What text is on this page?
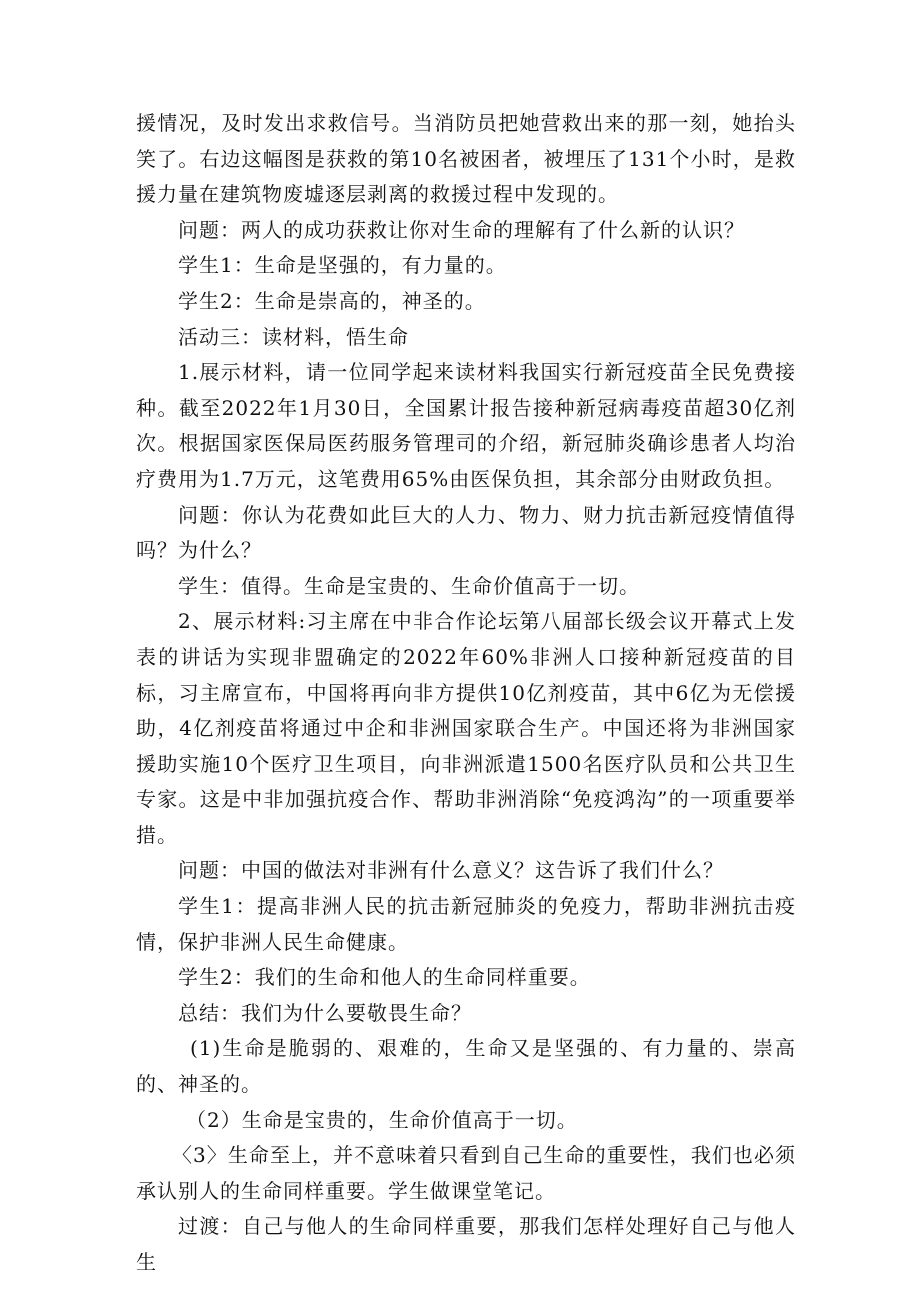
援情况，及时发出求救信号。当消防员把她营救出来的那一刻，她抬头笑了。右边这幅图是获救的第10名被困者，被埋压了131个小时，是救援力量在建筑物废墟逐层剥离的救援过程中发现的。

问题：两人的成功获救让你对生命的理解有了什么新的认识？

学生1：生命是坚强的，有力量的。

学生2：生命是崇高的，神圣的。

活动三：读材料，悟生命

1.展示材料，请一位同学起来读材料我国实行新冠疫苗全民免费接种。截至2022年1月30日，全国累计报告接种新冠病毒疫苗超30亿剂次。根据国家医保局医药服务管理司的介绍，新冠肺炎确诊患者人均治疗费用为1.7万元，这笔费用65%由医保负担，其余部分由财政负担。

问题：你认为花费如此巨大的人力、物力、财力抗击新冠疫情值得吗？为什么？

学生：值得。生命是宝贵的、生命价值高于一切。

2、展示材料:习主席在中非合作论坛第八届部长级会议开幕式上发表的讲话为实现非盟确定的2022年60%非洲人口接种新冠疫苗的目标，习主席宣布，中国将再向非方提供10亿剂疫苗，其中6亿为无偿援助，4亿剂疫苗将通过中企和非洲国家联合生产。中国还将为非洲国家援助实施10个医疗卫生项目，向非洲派遣1500名医疗队员和公共卫生专家。这是中非加强抗疫合作、帮助非洲消除“免疫鸿沟”的一项重要举措。

问题：中国的做法对非洲有什么意义？这告诉了我们什么？

学生1：提高非洲人民的抗击新冠肺炎的免疫力，帮助非洲抗击疫情，保护非洲人民生命健康。

学生2：我们的生命和他人的生命同样重要。

总结：我们为什么要敬畏生命？

(1)生命是脆弱的、艰难的，生命又是坚强的、有力量的、崇高的、神圣的。

（2）生命是宝贵的，生命价值高于一切。

〈3〉生命至上，并不意味着只看到自己生命的重要性，我们也必须承认别人的生命同样重要。学生做课堂笔记。

过渡：自己与他人的生命同样重要，那我们怎样处理好自己与他人生
